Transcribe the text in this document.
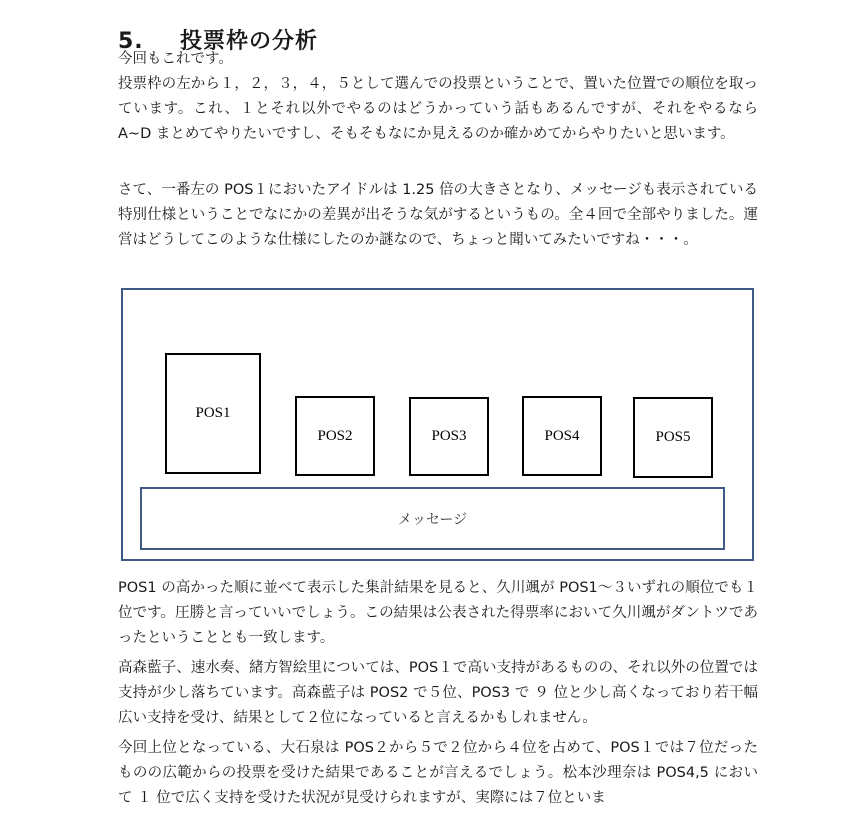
5. 投票枠の分析

今回もこれです。

投票枠の左から１，２，３，４，５として選んでの投票ということで、置いた位置での順位を取っています。これ、１とそれ以外でやるのはどうかっていう話もあるんですが、それをやるなら A~D まとめてやりたいですし、そもそもなにか見えるのか確かめてからやりたいと思います。

さて、一番左の POS１においたアイドルは 1.25 倍の大きさとなり、メッセージも表示されている特別仕様ということでなにかの差異が出そうな気がするというもの。全４回で全部やりました。運営はどうしてこのような仕様にしたのか謎なので、ちょっと聞いてみたいですね・・・。

POS1
POS2	POS3	POS4	POS5
メッセージ

POS1 の高かった順に並べて表示した集計結果を見ると、久川颯が POS1～３いずれの順位でも１位です。圧勝と言っていいでしょう。この結果は公表された得票率において久川颯がダントツであったということとも一致します。

高森藍子、速水奏、緒方智絵里については、POS１で高い支持があるものの、それ以外の位置では支持が少し落ちています。高森藍子は POS2 で５位、POS3 で ９ 位と少し高くなっており若干幅広い支持を受け、結果として２位になっていると言えるかもしれません。

今回上位となっている、大石泉は POS２から５で２位から４位を占めて、POS１では７位だったものの広範からの投票を受けた結果であることが言えるでしょう。松本沙理奈は POS4,5 において １ 位で広く支持を受けた状況が見受けられますが、実際には７位といま
